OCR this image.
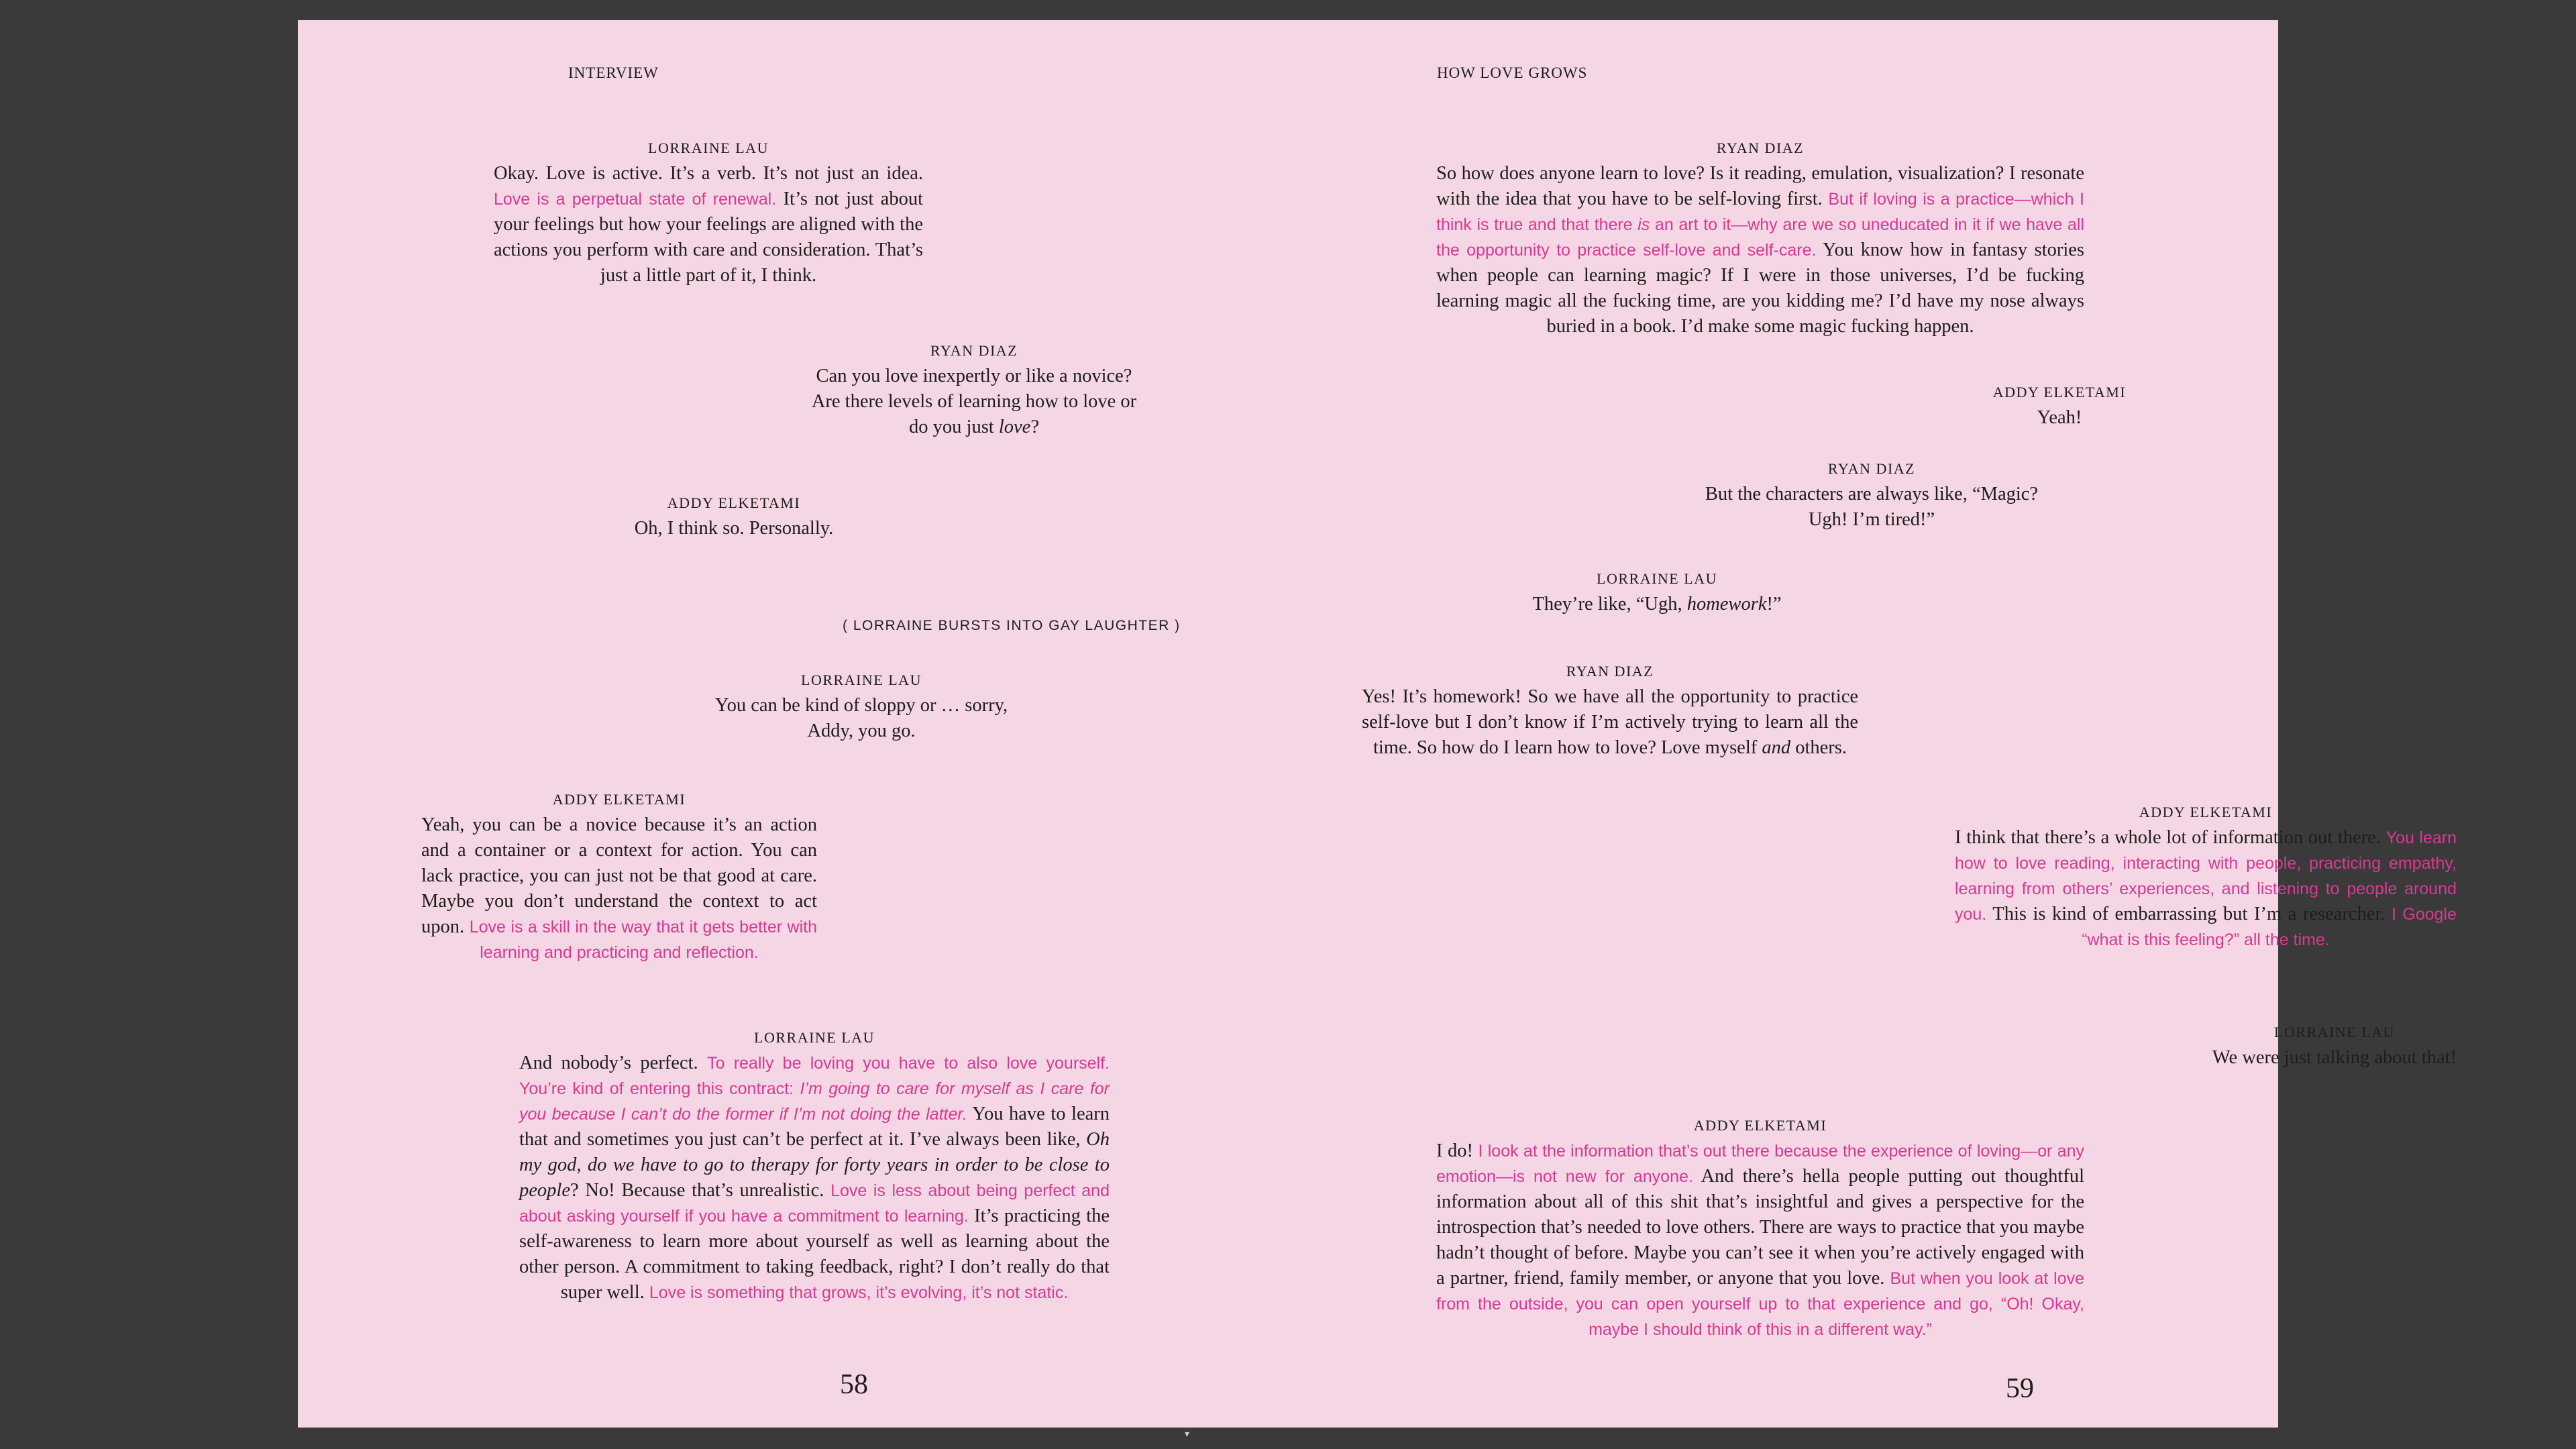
INTERVIEW
LORRAINE LAU

Okay. Love is active. It’s a verb. It’s not just an idea. Love is a perpetual state of renewal. It’s not just about your feelings but how your feelings are aligned with the actions you perform with care and consideration. That’s just a little part of it, I think.

RYAN DIAZ

Can you love inexpertly or like a novice? Are there levels of learning how to love or do you just love?

ADDY ELKETAMI

Oh, I think so. Personally.

( LORRAINE BURSTS INTO GAY LAUGHTER )
LORRAINE LAU

You can be kind of sloppy or … sorry, Addy, you go.

ADDY ELKETAMI

Yeah, you can be a novice because it’s an action and a container or a context for action. You can lack practice, you can just not be that good at care. Maybe you don’t understand the context to act upon. Love is a skill in the way that it gets better with learning and practicing and reflection.

LORRAINE LAU

And nobody’s perfect. To really be loving you have to also love yourself. You’re kind of entering this contract: I’m going to care for myself as I care for you because I can’t do the former if I’m not doing the latter. You have to learn that and sometimes you just can’t be perfect at it. I’ve always been like, Oh my god, do we have to go to therapy for forty years in order to be close to people? No! Because that’s unrealistic. Love is less about being perfect and about asking yourself if you have a commitment to learning. It’s practicing the self-awareness to learn more about yourself as well as learning about the other person. A commitment to taking feedback, right? I don’t really do that super well. Love is something that grows, it’s evolving, it’s not static.

58
HOW LOVE GROWS
RYAN DIAZ

So how does anyone learn to love? Is it reading, emulation, visualization? I resonate with the idea that you have to be self-loving first. But if loving is a practice—which I think is true and that there is an art to it—why are we so uneducated in it if we have all the opportunity to practice self-love and self-care. You know how in fantasy stories when people can learning magic? If I were in those universes, I’d be fucking learning magic all the fucking time, are you kidding me? I’d have my nose always buried in a book. I’d make some magic fucking happen.

ADDY ELKETAMI

Yeah!

RYAN DIAZ

But the characters are always like, “Magic? Ugh! I’m tired!”

LORRAINE LAU

They’re like, “Ugh, homework!”

RYAN DIAZ

Yes! It’s homework! So we have all the opportunity to practice self-love but I don’t know if I’m actively trying to learn all the time. So how do I learn how to love? Love myself and others.

ADDY ELKETAMI

I think that there’s a whole lot of information out there. You learn how to love reading, interacting with people, practicing empathy, learning from others’ experiences, and listening to people around you. This is kind of embarrassing but I’m a researcher. I Google “what is this feeling?” all the time.

LORRAINE LAU

We were just talking about that!

ADDY ELKETAMI

I do! I look at the information that’s out there because the experience of loving—or any emotion—is not new for anyone. And there’s hella people putting out thoughtful information about all of this shit that’s insightful and gives a perspective for the introspection that’s needed to love others. There are ways to practice that you maybe hadn’t thought of before. Maybe you can’t see it when you’re actively engaged with a partner, friend, family member, or anyone that you love. But when you look at love from the outside, you can open yourself up to that experience and go, “Oh! Okay, maybe I should think of this in a different way.”

59
▾
